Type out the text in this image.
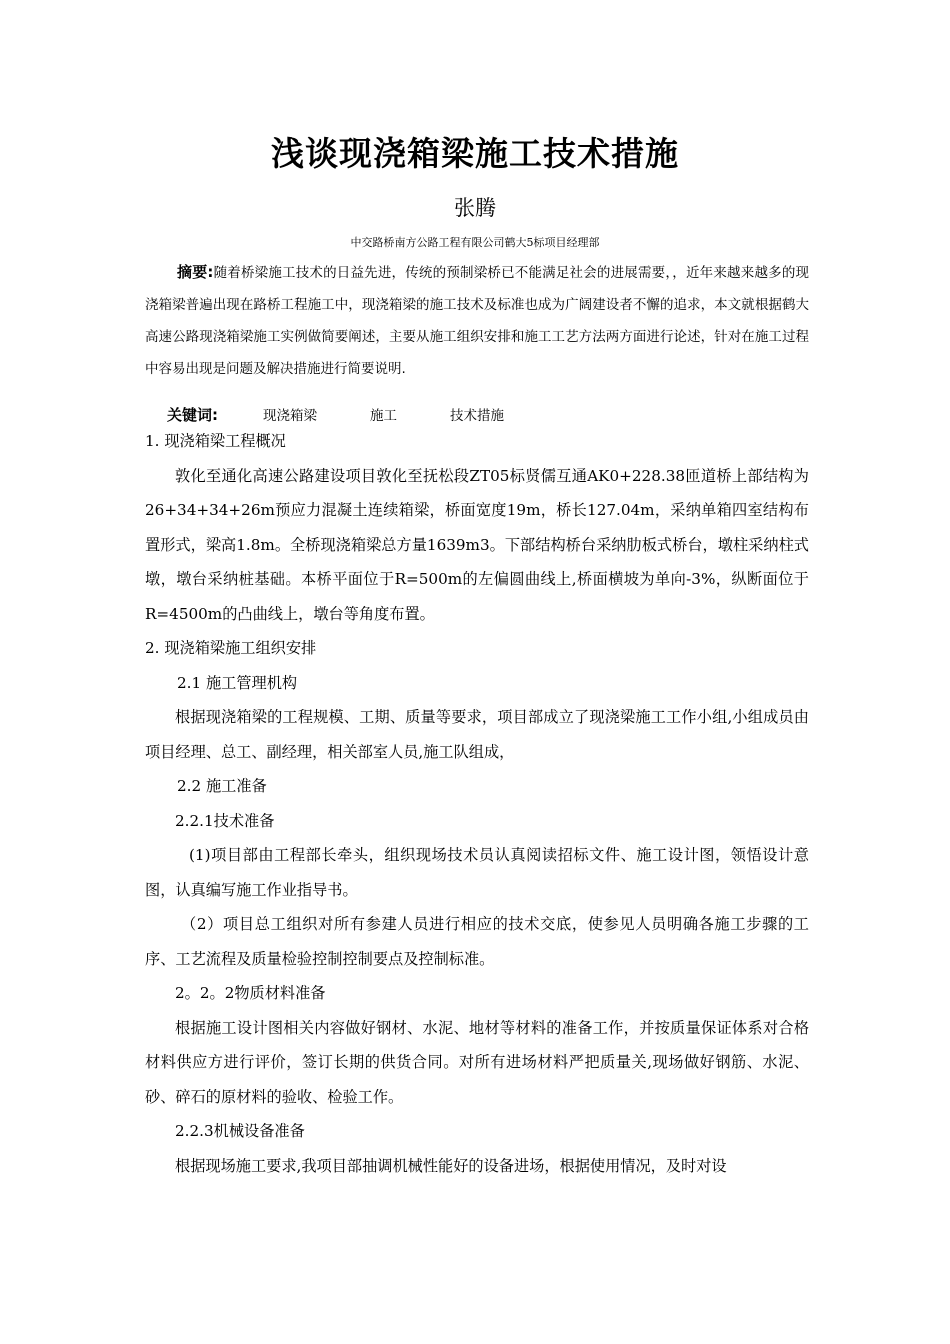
浅谈现浇箱梁施工技术措施
张腾
中交路桥南方公路工程有限公司鹤大5标项目经理部
摘要:随着桥梁施工技术的日益先进，传统的预制梁桥已不能满足社会的进展需要，，近年来越来越多的现浇箱梁普遍出现在路桥工程施工中，现浇箱梁的施工技术及标准也成为广阔建设者不懈的追求，本文就根据鹤大高速公路现浇箱梁施工实例做简要阐述，主要从施工组织安排和施工工艺方法两方面进行论述，针对在施工过程中容易出现是问题及解决措施进行简要说明.
关键词:	现浇箱梁	施工	技术措施

1. 现浇箱梁工程概况

敦化至通化高速公路建设项目敦化至抚松段ZT05标贤儒互通AK0+228.38匝道桥上部结构为26+34+34+26m预应力混凝土连续箱梁，桥面宽度19m，桥长127.04m，采纳单箱四室结构布置形式，梁高1.8m。全桥现浇箱梁总方量1639m3。下部结构桥台采纳肋板式桥台，墩柱采纳柱式墩，墩台采纳桩基础。本桥平面位于R=500m的左偏圆曲线上,桥面横坡为单向-3%，纵断面位于R=4500m的凸曲线上，墩台等角度布置。

2. 现浇箱梁施工组织安排

2.1 施工管理机构

根据现浇箱梁的工程规模、工期、质量等要求，项目部成立了现浇梁施工工作小组,小组成员由项目经理、总工、副经理，相关部室人员,施工队组成，

2.2 施工准备

2.2.1技术准备

(1)项目部由工程部长牵头，组织现场技术员认真阅读招标文件、施工设计图，领悟设计意图，认真编写施工作业指导书。

（2）项目总工组织对所有参建人员进行相应的技术交底，使参见人员明确各施工步骤的工序、工艺流程及质量检验控制控制要点及控制标准。

2。2。2物质材料准备

根据施工设计图相关内容做好钢材、水泥、地材等材料的准备工作，并按质量保证体系对合格材料供应方进行评价，签订长期的供货合同。对所有进场材料严把质量关,现场做好钢筋、水泥、砂、碎石的原材料的验收、检验工作。

2.2.3机械设备准备

根据现场施工要求,我项目部抽调机械性能好的设备进场，根据使用情况，及时对设
